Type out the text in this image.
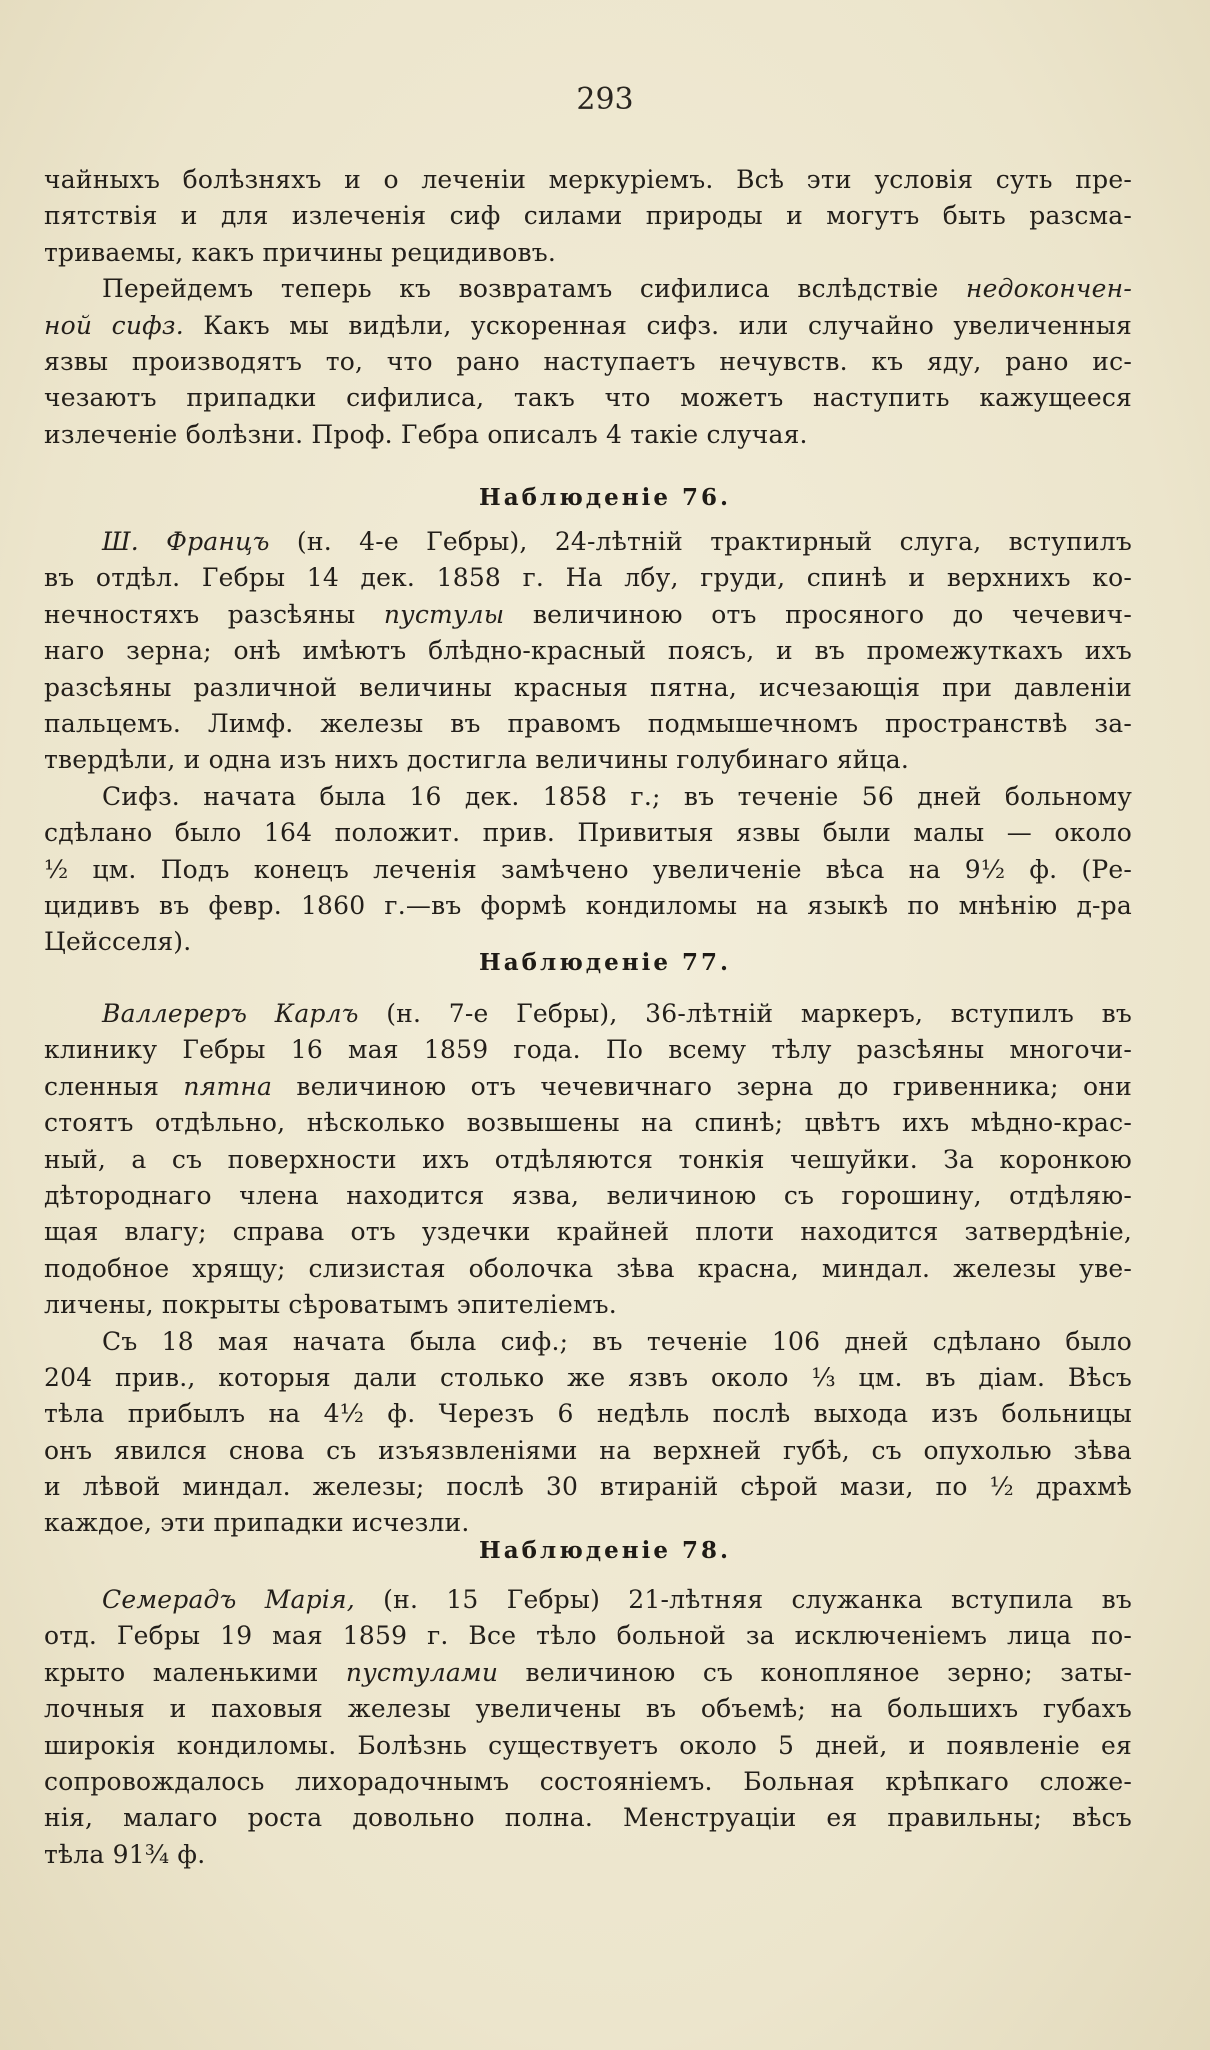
293
чайныхъ болѣзняхъ и о леченіи меркуріемъ. Всѣ эти условія суть пре-
пятствія и для излеченія сиф силами природы и могутъ быть разсма-
триваемы, какъ причины рецидивовъ.
Перейдемъ теперь къ возвратамъ сифилиса вслѣдствіе недокончен-
ной сифз. Какъ мы видѣли, ускоренная сифз. или случайно увеличенныя
язвы производятъ то, что рано наступаетъ нечувств. къ яду, рано ис-
чезаютъ припадки сифилиса, такъ что можетъ наступить кажущееся
излеченіе болѣзни. Проф. Гебра описалъ 4 такіе случая.
Наблюденіе 76.
Ш. Францъ (н. 4-е Гебры), 24-лѣтній трактирный слуга, вступилъ
въ отдѣл. Гебры 14 дек. 1858 г. На лбу, груди, спинѣ и верхнихъ ко-
нечностяхъ разсѣяны пустулы величиною отъ просяного до чечевич-
наго зерна; онѣ имѣютъ блѣдно-красный поясъ, и въ промежуткахъ ихъ
разсѣяны различной величины красныя пятна, исчезающія при давленіи
пальцемъ. Лимф. железы въ правомъ подмышечномъ пространствѣ за-
твердѣли, и одна изъ нихъ достигла величины голубинаго яйца.
Сифз. начата была 16 дек. 1858 г.; въ теченіе 56 дней больному
сдѣлано было 164 положит. прив. Привитыя язвы были малы — около
½ цм. Подъ конецъ леченія замѣчено увеличеніе вѣса на 9½ ф. (Ре-
цидивъ въ февр. 1860 г.—въ формѣ кондиломы на языкѣ по мнѣнію д-ра
Цейсселя).
Наблюденіе 77.
Валлереръ Карлъ (н. 7-е Гебры), 36-лѣтній маркеръ, вступилъ въ
клинику Гебры 16 мая 1859 года. По всему тѣлу разсѣяны многочи-
сленныя пятна величиною отъ чечевичнаго зерна до гривенника; они
стоятъ отдѣльно, нѣсколько возвышены на спинѣ; цвѣтъ ихъ мѣдно-крас-
ный, а съ поверхности ихъ отдѣляются тонкія чешуйки. За коронкою
дѣтороднаго члена находится язва, величиною съ горошину, отдѣляю-
щая влагу; справа отъ уздечки крайней плоти находится затвердѣніе,
подобное хрящу; слизистая оболочка зѣва красна, миндал. железы уве-
личены, покрыты сѣроватымъ эпителіемъ.
Съ 18 мая начата была сиф.; въ теченіе 106 дней сдѣлано было
204 прив., которыя дали столько же язвъ около ⅓ цм. въ діам. Вѣсъ
тѣла прибылъ на 4½ ф. Черезъ 6 недѣль послѣ выхода изъ больницы
онъ явился снова съ изъязвленіями на верхней губѣ, съ опухолью зѣва
и лѣвой миндал. железы; послѣ 30 втираній сѣрой мази, по ½ драхмѣ
каждое, эти припадки исчезли.
Наблюденіе 78.
Семерадъ Марія, (н. 15 Гебры) 21-лѣтняя служанка вступила въ
отд. Гебры 19 мая 1859 г. Все тѣло больной за исключеніемъ лица по-
крыто маленькими пустулами величиною съ конопляное зерно; заты-
лочныя и паховыя железы увеличены въ объемѣ; на большихъ губахъ
широкія кондиломы. Болѣзнь существуетъ около 5 дней, и появленіе ея
сопровождалось лихорадочнымъ состояніемъ. Больная крѣпкаго сложе-
нія, малаго роста довольно полна. Менструаціи ея правильны; вѣсъ
тѣла 91¾ ф.
